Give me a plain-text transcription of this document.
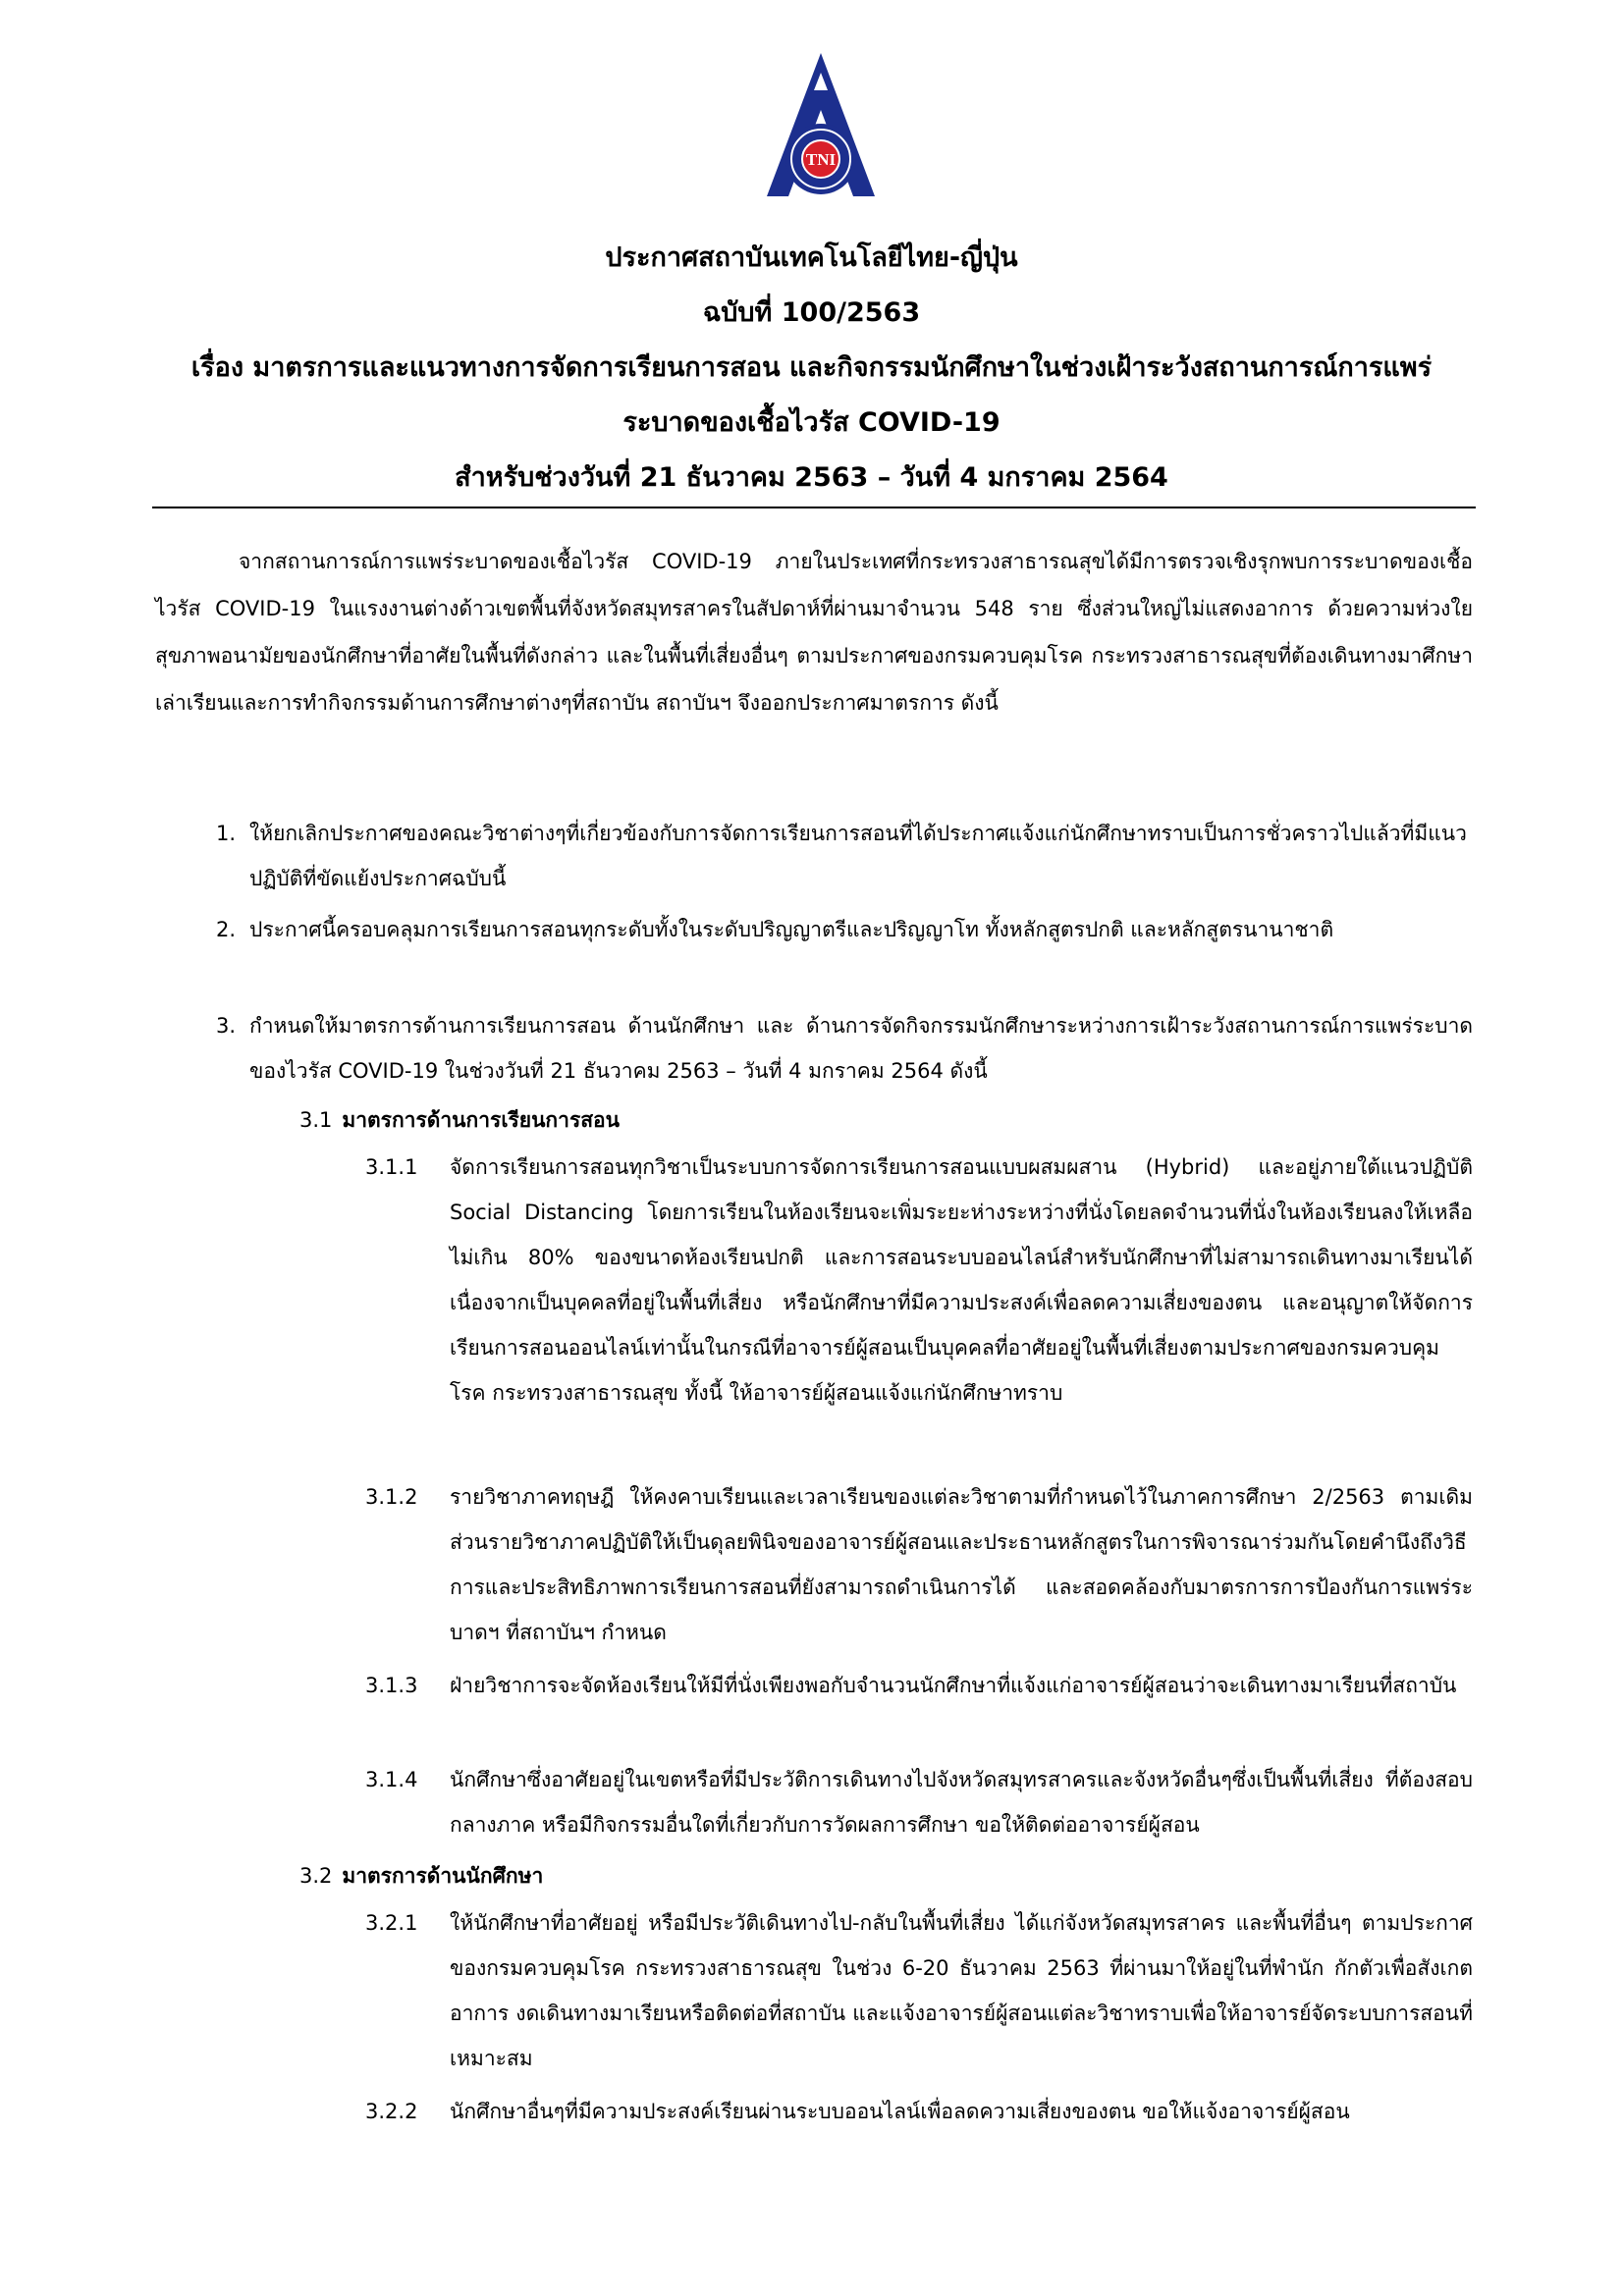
TNI
ประกาศสถาบันเทคโนโลยีไทย-ญี่ปุ่น
ฉบับที่ 100/2563
เรื่อง มาตรการและแนวทางการจัดการเรียนการสอน และกิจกรรมนักศึกษาในช่วงเฝ้าระวังสถานการณ์การแพร่
ระบาดของเชื้อไวรัส COVID-19
สำหรับช่วงวันที่ 21 ธันวาคม 2563 – วันที่ 4 มกราคม 2564
จากสถานการณ์การแพร่ระบาดของเชื้อไวรัส COVID-19 ภายในประเทศที่กระทรวงสาธารณสุขได้มีการตรวจเชิงรุกพบการระบาดของเชื้อไวรัส COVID-19 ในแรงงานต่างด้าวเขตพื้นที่จังหวัดสมุทรสาครในสัปดาห์ที่ผ่านมาจำนวน 548 ราย ซึ่งส่วนใหญ่ไม่แสดงอาการ ด้วยความห่วงใยสุขภาพอนามัยของนักศึกษาที่อาศัยในพื้นที่ดังกล่าว และในพื้นที่เสี่ยงอื่นๆ ตามประกาศของกรมควบคุมโรค กระทรวงสาธารณสุขที่ต้องเดินทางมาศึกษาเล่าเรียนและการทำกิจกรรมด้านการศึกษาต่างๆที่สถาบัน สถาบันฯ จึงออกประกาศมาตรการ ดังนี้
1. ให้ยกเลิกประกาศของคณะวิชาต่างๆที่เกี่ยวข้องกับการจัดการเรียนการสอนที่ได้ประกาศแจ้งแก่นักศึกษาทราบเป็นการชั่วคราวไปแล้วที่มีแนวปฏิบัติที่ขัดแย้งประกาศฉบับนี้
2. ประกาศนี้ครอบคลุมการเรียนการสอนทุกระดับทั้งในระดับปริญญาตรีและปริญญาโท ทั้งหลักสูตรปกติ และหลักสูตรนานาชาติ
3. กำหนดให้มาตรการด้านการเรียนการสอน ด้านนักศึกษา และ ด้านการจัดกิจกรรมนักศึกษาระหว่างการเฝ้าระวังสถานการณ์การแพร่ระบาดของไวรัส COVID-19 ในช่วงวันที่ 21 ธันวาคม 2563 – วันที่ 4 มกราคม 2564 ดังนี้
3.1 มาตรการด้านการเรียนการสอน
3.1.1 จัดการเรียนการสอนทุกวิชาเป็นระบบการจัดการเรียนการสอนแบบผสมผสาน (Hybrid) และอยู่ภายใต้แนวปฏิบัติ Social Distancing โดยการเรียนในห้องเรียนจะเพิ่มระยะห่างระหว่างที่นั่งโดยลดจำนวนที่นั่งในห้องเรียนลงให้เหลือไม่เกิน 80% ของขนาดห้องเรียนปกติ และการสอนระบบออนไลน์สำหรับนักศึกษาที่ไม่สามารถเดินทางมาเรียนได้เนื่องจากเป็นบุคคลที่อยู่ในพื้นที่เสี่ยง หรือนักศึกษาที่มีความประสงค์เพื่อลดความเสี่ยงของตน และอนุญาตให้จัดการเรียนการสอนออนไลน์เท่านั้นในกรณีที่อาจารย์ผู้สอนเป็นบุคคลที่อาศัยอยู่ในพื้นที่เสี่ยงตามประกาศของกรมควบคุมโรค กระทรวงสาธารณสุข ทั้งนี้ ให้อาจารย์ผู้สอนแจ้งแก่นักศึกษาทราบ
3.1.2 รายวิชาภาคทฤษฎี ให้คงคาบเรียนและเวลาเรียนของแต่ละวิชาตามที่กำหนดไว้ในภาคการศึกษา 2/2563 ตามเดิม ส่วนรายวิชาภาคปฏิบัติให้เป็นดุลยพินิจของอาจารย์ผู้สอนและประธานหลักสูตรในการพิจารณาร่วมกันโดยคำนึงถึงวิธีการและประสิทธิภาพการเรียนการสอนที่ยังสามารถดำเนินการได้ และสอดคล้องกับมาตรการการป้องกันการแพร่ระบาดฯ ที่สถาบันฯ กำหนด
3.1.3 ฝ่ายวิชาการจะจัดห้องเรียนให้มีที่นั่งเพียงพอกับจำนวนนักศึกษาที่แจ้งแก่อาจารย์ผู้สอนว่าจะเดินทางมาเรียนที่สถาบัน
3.1.4 นักศึกษาซึ่งอาศัยอยู่ในเขตหรือที่มีประวัติการเดินทางไปจังหวัดสมุทรสาครและจังหวัดอื่นๆซึ่งเป็นพื้นที่เสี่ยง ที่ต้องสอบกลางภาค หรือมีกิจกรรมอื่นใดที่เกี่ยวกับการวัดผลการศึกษา ขอให้ติดต่ออาจารย์ผู้สอน
3.2 มาตรการด้านนักศึกษา
3.2.1 ให้นักศึกษาที่อาศัยอยู่ หรือมีประวัติเดินทางไป-กลับในพื้นที่เสี่ยง ได้แก่จังหวัดสมุทรสาคร และพื้นที่อื่นๆ ตามประกาศของกรมควบคุมโรค กระทรวงสาธารณสุข ในช่วง 6-20 ธันวาคม 2563 ที่ผ่านมาให้อยู่ในที่พำนัก กักตัวเพื่อสังเกตอาการ งดเดินทางมาเรียนหรือติดต่อที่สถาบัน และแจ้งอาจารย์ผู้สอนแต่ละวิชาทราบเพื่อให้อาจารย์จัดระบบการสอนที่เหมาะสม
3.2.2 นักศึกษาอื่นๆที่มีความประสงค์เรียนผ่านระบบออนไลน์เพื่อลดความเสี่ยงของตน ขอให้แจ้งอาจารย์ผู้สอน
